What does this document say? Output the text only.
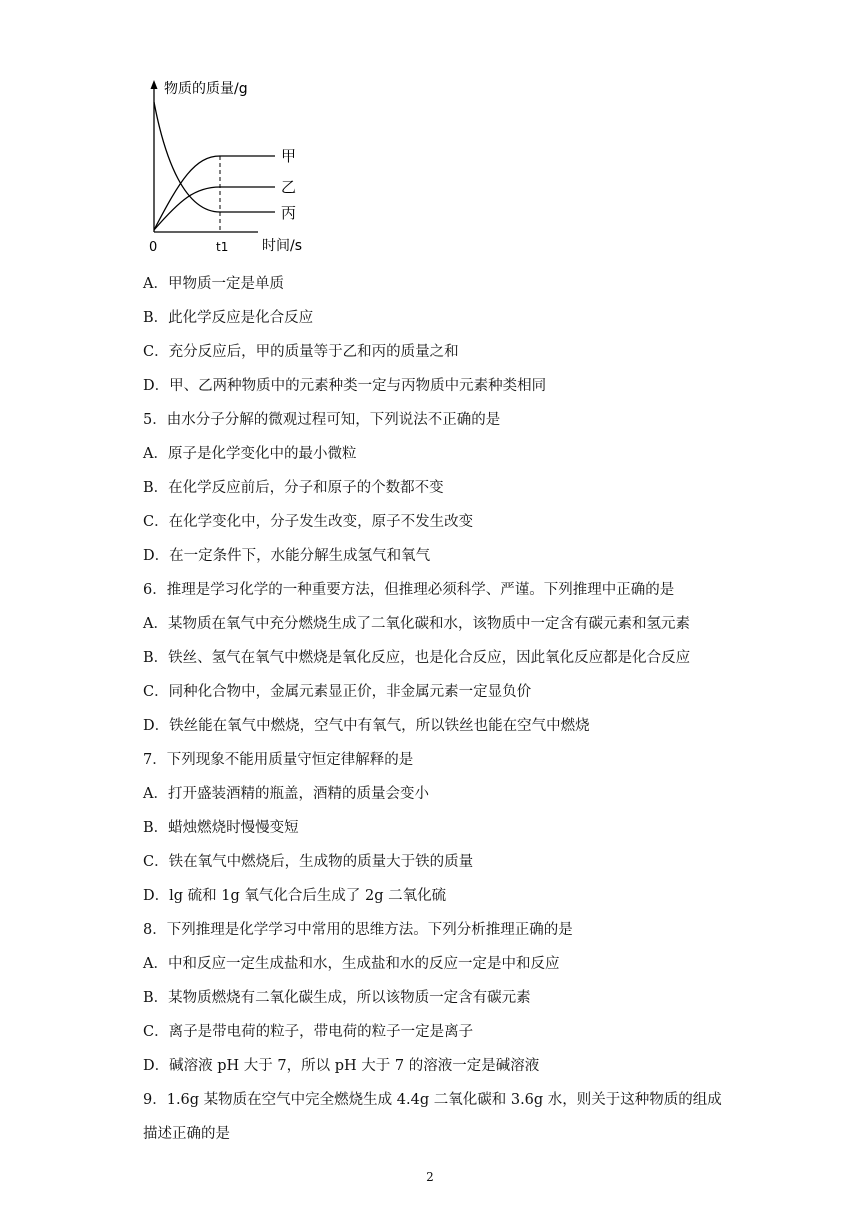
物质的质量/g
时间/s
0	t1
甲
乙
丙
A．甲物质一定是单质
B．此化学反应是化合反应
C．充分反应后，甲的质量等于乙和丙的质量之和
D．甲、乙两种物质中的元素种类一定与丙物质中元素种类相同
5．由水分子分解的微观过程可知，下列说法不正确的是
A．原子是化学变化中的最小微粒
B．在化学反应前后，分子和原子的个数都不变
C．在化学变化中，分子发生改变，原子不发生改变
D．在一定条件下，水能分解生成氢气和氧气
6．推理是学习化学的一种重要方法，但推理必须科学、严谨。下列推理中正确的是
A．某物质在氧气中充分燃烧生成了二氧化碳和水，该物质中一定含有碳元素和氢元素
B．铁丝、氢气在氧气中燃烧是氧化反应，也是化合反应，因此氧化反应都是化合反应
C．同种化合物中，金属元素显正价，非金属元素一定显负价
D．铁丝能在氧气中燃烧，空气中有氧气，所以铁丝也能在空气中燃烧
7．下列现象不能用质量守恒定律解释的是
A．打开盛装酒精的瓶盖，酒精的质量会变小
B．蜡烛燃烧时慢慢变短
C．铁在氧气中燃烧后，生成物的质量大于铁的质量
D．lg 硫和 1g 氧气化合后生成了 2g 二氧化硫
8．下列推理是化学学习中常用的思维方法。下列分析推理正确的是
A．中和反应一定生成盐和水，生成盐和水的反应一定是中和反应
B．某物质燃烧有二氧化碳生成，所以该物质一定含有碳元素
C．离子是带电荷的粒子，带电荷的粒子一定是离子
D．碱溶液 pH 大于 7，所以 pH 大于 7 的溶液一定是碱溶液
9．1.6g 某物质在空气中完全燃烧生成 4.4g 二氧化碳和 3.6g 水，则关于这种物质的组成
描述正确的是
2
